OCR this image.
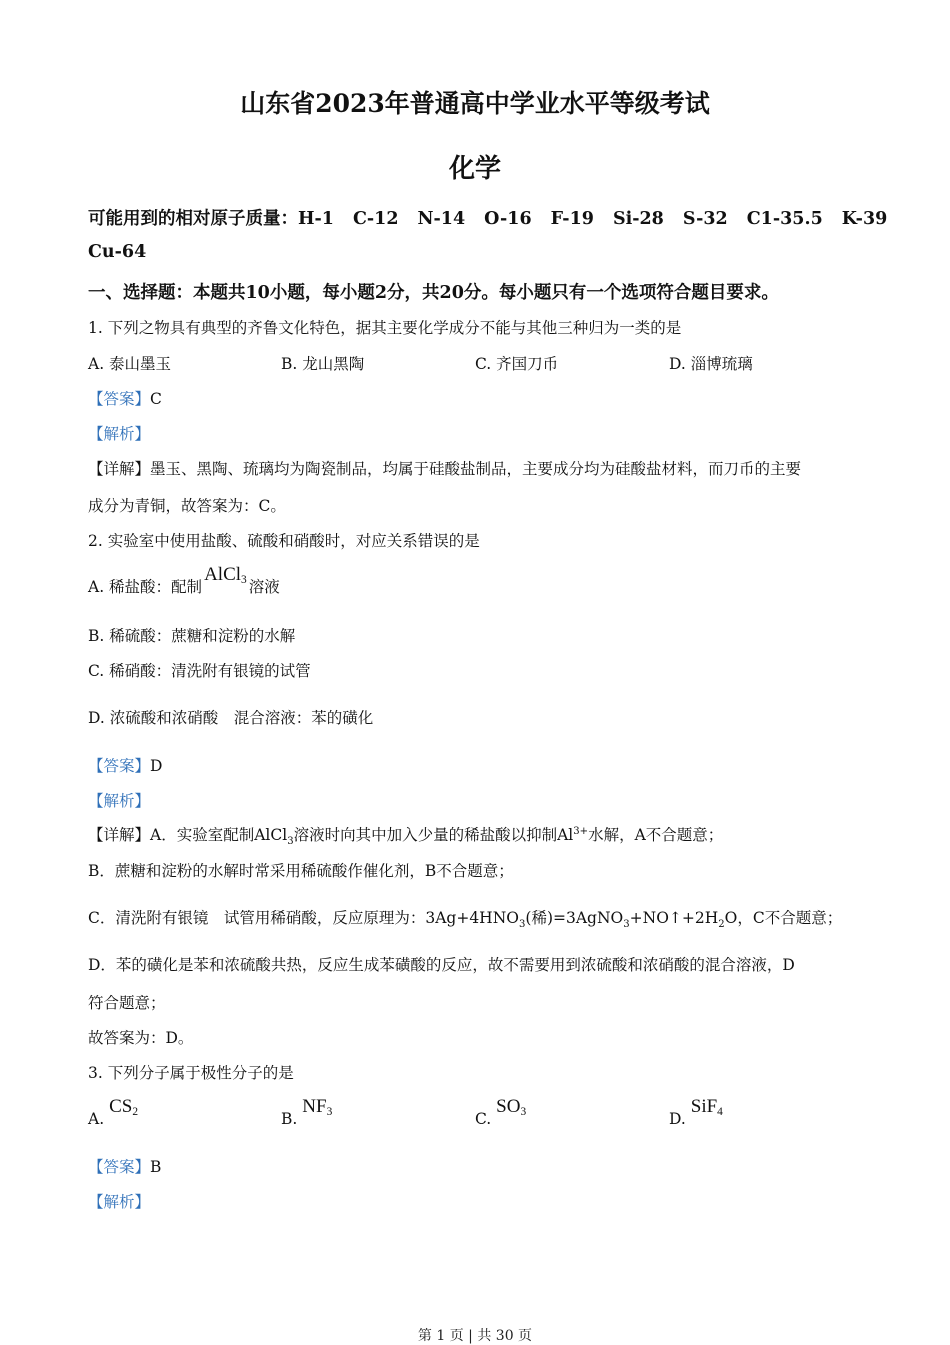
山东省2023年普通高中学业水平等级考试
化学
可能用到的相对原子质量：H-1 C-12 N-14 O-16 F-19 Si-28 S-32 C1-35.5 K-39
Cu-64
一、选择题：本题共10小题，每小题2分，共20分。每小题只有一个选项符合题目要求。
1. 下列之物具有典型的齐鲁文化特色，据其主要化学成分不能与其他三种归为一类的是
A. 泰山墨玉	B. 龙山黑陶	C. 齐国刀币	D. 淄博琉璃
【答案】C
【解析】
【详解】墨玉、黑陶、琉璃均为陶瓷制品，均属于硅酸盐制品，主要成分均为硅酸盐材料，而刀币的主要
成分为青铜，故答案为：C。
2. 实验室中使用盐酸、硫酸和硝酸时，对应关系错误的是
A. 稀盐酸：配制AlCl$_3$ 溶液
B. 稀硫酸：蔗糖和淀粉的水解
C. 稀硝酸：清洗附有银镜的试管
D. 浓硫酸和浓硝酸　混合溶液：苯的磺化
【答案】D
【解析】
【详解】A．实验室配制AlCl$_3$溶液时向其中加入少量的稀盐酸以抑制$Al^{3+}$水解，A不合题意；
B．蔗糖和淀粉的水解时常采用稀硫酸作催化剂，B不合题意；
C．清洗附有银镜　试管用稀硝酸，反应原理为：$3Ag+4HNO_3$(稀)$=3AgNO_3+NO↑+2H_2O$，C不合题意；
D．苯的磺化是苯和浓硫酸共热，反应生成苯磺酸的反应，故不需要用到浓硫酸和浓硝酸的混合溶液，D
符合题意；
故答案为：D。
3. 下列分子属于极性分子的是
A. $CS_2$	B. $NF_3$	C. $SO_3$	D. SiF$_4$
【答案】B
【解析】
第 1 页 | 共 30 页
